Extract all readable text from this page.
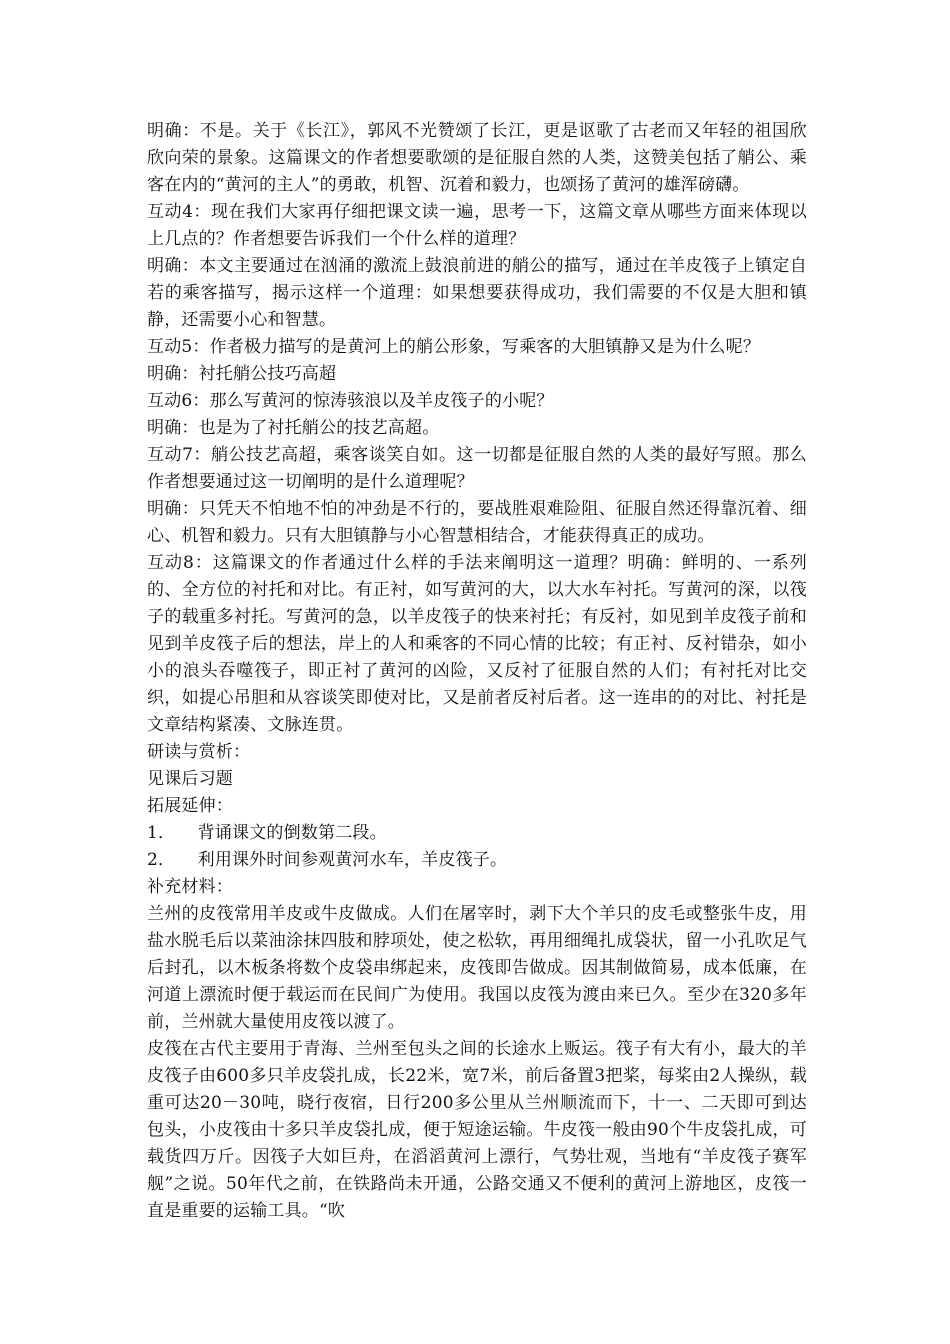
明确：不是。关于《长江》，郭风不光赞颂了长江，更是讴歌了古老而又年轻的祖国欣欣向荣的景象。这篇课文的作者想要歌颂的是征服自然的人类，这赞美包括了艄公、乘客在内的“黄河的主人”的勇敢，机智、沉着和毅力，也颂扬了黄河的雄浑磅礴。

互动4：现在我们大家再仔细把课文读一遍，思考一下，这篇文章从哪些方面来体现以上几点的？作者想要告诉我们一个什么样的道理？

明确：本文主要通过在汹涌的激流上鼓浪前进的艄公的描写，通过在羊皮筏子上镇定自若的乘客描写，揭示这样一个道理：如果想要获得成功，我们需要的不仅是大胆和镇静，还需要小心和智慧。

互动5：作者极力描写的是黄河上的艄公形象，写乘客的大胆镇静又是为什么呢？

明确：衬托艄公技巧高超

互动6：那么写黄河的惊涛骇浪以及羊皮筏子的小呢？

明确：也是为了衬托艄公的技艺高超。

互动7：艄公技艺高超，乘客谈笑自如。这一切都是征服自然的人类的最好写照。那么作者想要通过这一切阐明的是什么道理呢？

明确：只凭天不怕地不怕的冲劲是不行的，要战胜艰难险阻、征服自然还得靠沉着、细心、机智和毅力。只有大胆镇静与小心智慧相结合，才能获得真正的成功。

互动8：这篇课文的作者通过什么样的手法来阐明这一道理？明确：鲜明的、一系列的、全方位的衬托和对比。有正衬，如写黄河的大，以大水车衬托。写黄河的深，以筏子的载重多衬托。写黄河的急，以羊皮筏子的快来衬托；有反衬，如见到羊皮筏子前和见到羊皮筏子后的想法，岸上的人和乘客的不同心情的比较；有正衬、反衬错杂，如小小的浪头吞噬筏子，即正衬了黄河的凶险，又反衬了征服自然的人们；有衬托对比交织，如提心吊胆和从容谈笑即使对比，又是前者反衬后者。这一连串的的对比、衬托是文章结构紧凑、文脉连贯。

研读与赏析：

见课后习题

拓展延伸：

1．    背诵课文的倒数第二段。

2．    利用课外时间参观黄河水车，羊皮筏子。

补充材料：

兰州的皮筏常用羊皮或牛皮做成。人们在屠宰时，剥下大个羊只的皮毛或整张牛皮，用盐水脱毛后以菜油涂抹四肢和脖项处，使之松软，再用细绳扎成袋状，留一小孔吹足气后封孔，以木板条将数个皮袋串绑起来，皮筏即告做成。因其制做简易，成本低廉，在河道上漂流时便于载运而在民间广为使用。我国以皮筏为渡由来已久。至少在320多年前，兰州就大量使用皮筏以渡了。

皮筏在古代主要用于青海、兰州至包头之间的长途水上贩运。筏子有大有小，最大的羊皮筏子由600多只羊皮袋扎成，长22米，宽7米，前后备置3把桨，每桨由2人操纵，载重可达20－30吨，晓行夜宿，日行200多公里从兰州顺流而下，十一、二天即可到达包头，小皮筏由十多只羊皮袋扎成，便于短途运输。牛皮筏一般由90个牛皮袋扎成，可载货四万斤。因筏子大如巨舟，在滔滔黄河上漂行，气势壮观，当地有“羊皮筏子赛军舰”之说。50年代之前，在铁路尚未开通，公路交通又不便利的黄河上游地区，皮筏一直是重要的运输工具。“吹
